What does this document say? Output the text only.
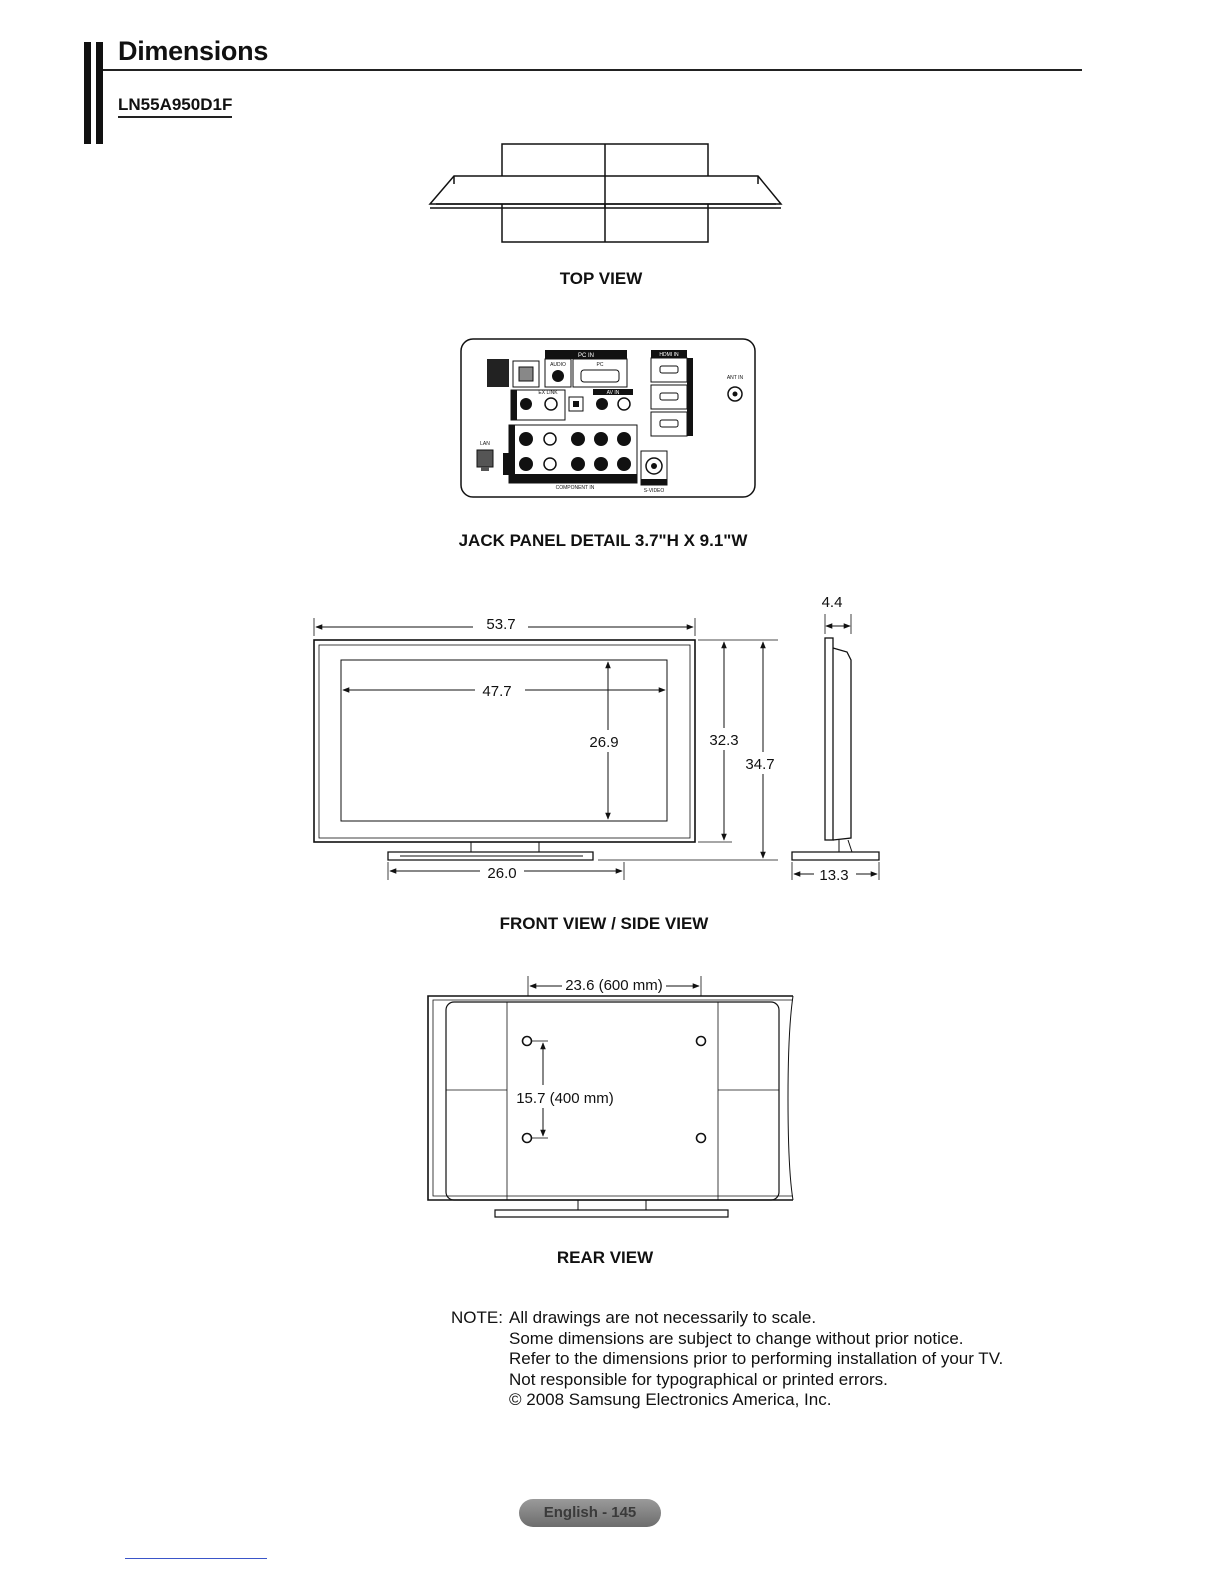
Dimensions
LN55A950D1F
TOP VIEW
PC IN
AUDIO	PC
HDMI IN
ANT IN
EX LINK	AV IN
COMPONENT IN	S-VIDEO
LAN
JACK PANEL DETAIL 3.7"H X 9.1"W
53.7
47.7
26.9	32.3
34.7
26.0
4.4
13.3
FRONT VIEW / SIDE VIEW
23.6 (600 mm)
15.7 (400 mm)
REAR VIEW
NOTE: All drawings are not necessarily to scale.
Some dimensions are subject to change without prior notice.
Refer to the dimensions prior to performing installation of your TV.
Not responsible for typographical or printed errors.
© 2008 Samsung Electronics America, Inc.
English - 145
